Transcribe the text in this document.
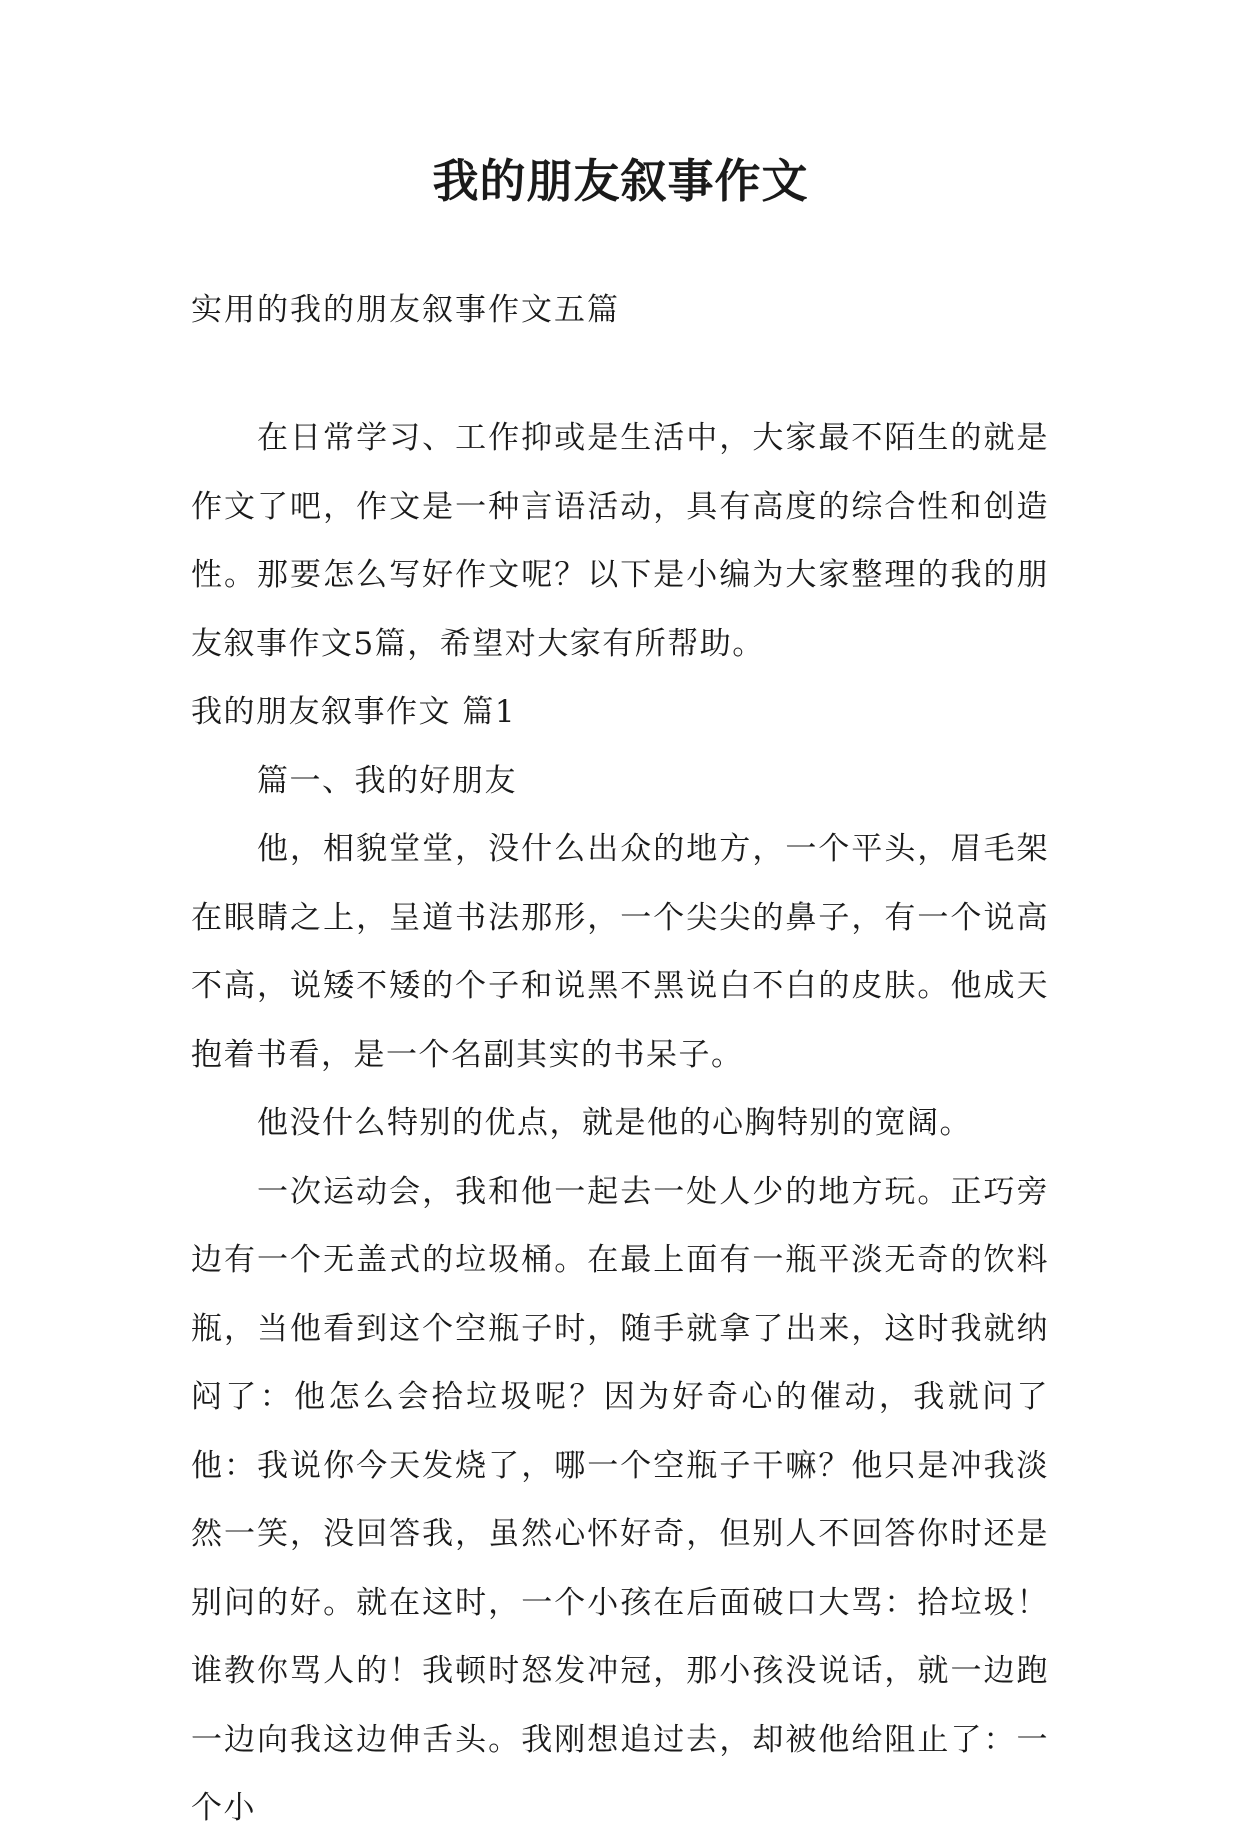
我的朋友叙事作文
实用的我的朋友叙事作文五篇

在日常学习、工作抑或是生活中，大家最不陌生的就是作文了吧，作文是一种言语活动，具有高度的综合性和创造性。那要怎么写好作文呢？以下是小编为大家整理的我的朋友叙事作文5篇，希望对大家有所帮助。

我的朋友叙事作文 篇1

篇一、我的好朋友

他，相貌堂堂，没什么出众的地方，一个平头，眉毛架在眼睛之上，呈道书法那形，一个尖尖的鼻子，有一个说高不高，说矮不矮的个子和说黑不黑说白不白的皮肤。他成天抱着书看，是一个名副其实的书呆子。

他没什么特别的优点，就是他的心胸特别的宽阔。

一次运动会，我和他一起去一处人少的地方玩。正巧旁边有一个无盖式的垃圾桶。在最上面有一瓶平淡无奇的饮料瓶，当他看到这个空瓶子时，随手就拿了出来，这时我就纳闷了：他怎么会拾垃圾呢？因为好奇心的催动，我就问了他：我说你今天发烧了，哪一个空瓶子干嘛？他只是冲我淡然一笑，没回答我，虽然心怀好奇，但别人不回答你时还是别问的好。就在这时，一个小孩在后面破口大骂：拾垃圾！谁教你骂人的！我顿时怒发冲冠，那小孩没说话，就一边跑一边向我这边伸舌头。我刚想追过去，却被他给阻止了：一个小
